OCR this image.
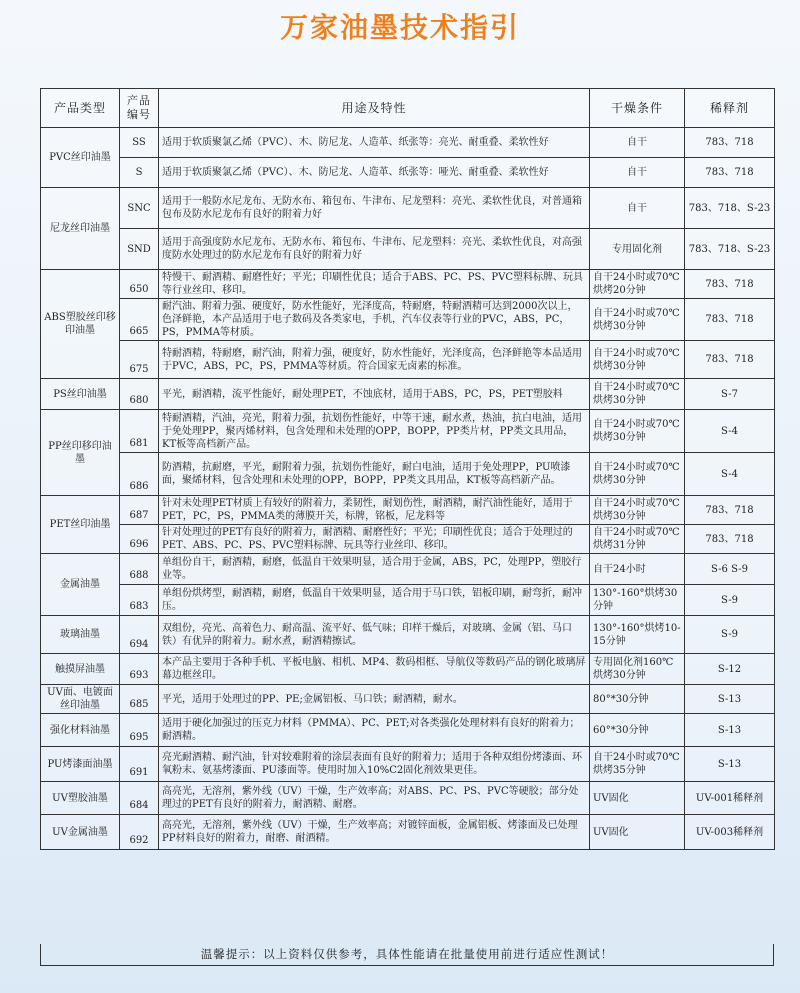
万家油墨技术指引
产品类型	产品
编号	用途及特性	干燥条件	稀释剂
PVC丝印油墨	SS	适用于软质聚氯乙烯（PVC）、木、防尼龙、人造革、纸张等：亮光、耐重叠、柔软性好	自干	783、718
	S	适用于软质聚氯乙烯（PVC）、木、防尼龙、人造革、纸张等：哑光、耐重叠、柔软性好	自干	783、718
尼龙丝印油墨	SNC	适用于一般防水尼龙布、无防水布、箱包布、牛津布、尼龙塑料：亮光、柔软性优良，对普通箱包布及防水尼龙布有良好的附着力好	自干	783、718、S-23
	SND	适用于高强度防水尼龙布、无防水布、箱包布、牛津布、尼龙塑料：亮光、柔软性优良，对高强度防水处理过的防水尼龙布有良好的附着力好	专用固化剂	783、718、S-23
ABS塑胶丝印移印油墨	650	特慢干、耐酒精、耐磨性好；平光；印刷性优良；适合于ABS、PC、PS、PVC塑料标牌、玩具等行业丝印、移印。	自干24小时或70℃烘烤20分钟	783、718
	665	耐汽油、附着力强、硬度好，防水性能好，光泽度高，特耐磨，特耐酒精可达到2000次以上，色泽鲜艳，本产品适用于电子数码及各类家电，手机，汽车仪表等行业的PVC，ABS，PC，PS，PMMA等材质。	自干24小时或70℃烘烤30分钟	783、718
	675	特耐酒精，特耐磨，耐汽油，附着力强，硬度好，防水性能好，光泽度高，色泽鲜艳等本品适用于PVC，ABS，PC，PS，PMMA等材质。符合国家无卤素的标准。	自干24小时或70℃烘烤30分钟	783、718
PS丝印油墨	680	平光，耐酒精，流平性能好，耐处理PET，不蚀底材，适用于ABS，PC，PS，PET塑胶料	自干24小时或70℃烘烤30分钟	S-7
PP丝印移印油墨	681	特耐酒精，汽油，亮光，附着力强，抗划伤性能好，中等干速，耐水煮，热油，抗白电油，适用于免处理PP，聚丙烯材料，包含处理和未处理的OPP，BOPP，PP类片材，PP类文具用品，KT板等高档新产品。	自干24小时或70℃烘烤30分钟	S-4
	686	防酒精，抗耐磨，平光，耐附着力强，抗划伤性能好，耐白电油，适用于免处理PP，PU喷漆面，聚烯材料，包含处理和未处理的OPP，BOPP，PP类文具用品，KT板等高档新产品。	自干24小时或70℃烘烤30分钟	S-4
PET丝印油墨	687	针对未处理PET材质上有较好的附着力，柔韧性，耐划伤性，耐酒精，耐汽油性能好，适用于PET，PC，PS，PMMA类的薄膜开关，标牌，铭板，尼龙料等	自干24小时或70℃烘烤30分钟	783、718
	696	针对处理过的PET有良好的附着力，耐酒精、耐磨性好；平光；印刷性优良；适合于处理过的PET、ABS、PC、PS、PVC塑料标牌、玩具等行业丝印、移印。	自干24小时或70℃烘烤31分钟	783、718
金属油墨	688	单组份自干，耐酒精，耐磨，低温自干效果明显，适合用于金属，ABS，PC，处理PP，塑胶行业等。	自干24小时	S-6 S-9
	683	单组份烘烤型，耐酒精，耐磨，低温自干效果明显，适合用于马口铁，铝板印刷，耐弯折，耐冲压。	130°-160°烘烤30分钟	S-9
玻璃油墨	694	双组份，亮光、高着色力、耐高温、流平好、低气味；印样干燥后，对玻璃、金属（铝、马口铁）有优异的附着力。耐水煮，耐酒精擦试。	130°-160°烘烤10-15分钟	S-9
触摸屏油墨	693	本产品主要用于各种手机、平板电脑、相机、MP4、数码相框、导航仪等数码产品的钢化玻璃屏幕边框丝印。	专用固化剂160℃烘烤30分钟	S-12
UV面、电镀面丝印油墨	685	平光，适用于处理过的PP、PE;金属铝板、马口铁；耐酒精，耐水。	80°*30分钟	S-13
强化材料油墨	695	适用于硬化加强过的压克力材料（PMMA）、PC、PET;对各类强化处理材料有良好的附着力；耐酒精。	60°*30分钟	S-13
PU烤漆面油墨	691	亮光耐酒精、耐汽油，针对较难附着的涂层表面有良好的附着力；适用于各种双组份烤漆面、环氧粉末、氨基烤漆面、PU漆面等。使用时加入10%C2固化剂效果更佳。	自干24小时或70℃烘烤35分钟	S-13
UV塑胶油墨	684	高亮光，无溶剂，紫外线（UV）干燥，生产效率高；对ABS、PC、PS、PVC等硬胶；部分处理过的PET有良好的附着力，耐酒精、耐磨。	UV固化	UV-001稀释剂
UV金属油墨	692	高亮光，无溶剂，紫外线（UV）干燥，生产效率高；对镀锌面板，金属铝板、烤漆面及已处理PP材料良好的附着力，耐磨、耐酒精。	UV固化	UV-003稀释剂
温馨提示：以上资料仅供参考，具体性能请在批量使用前进行适应性测试！
